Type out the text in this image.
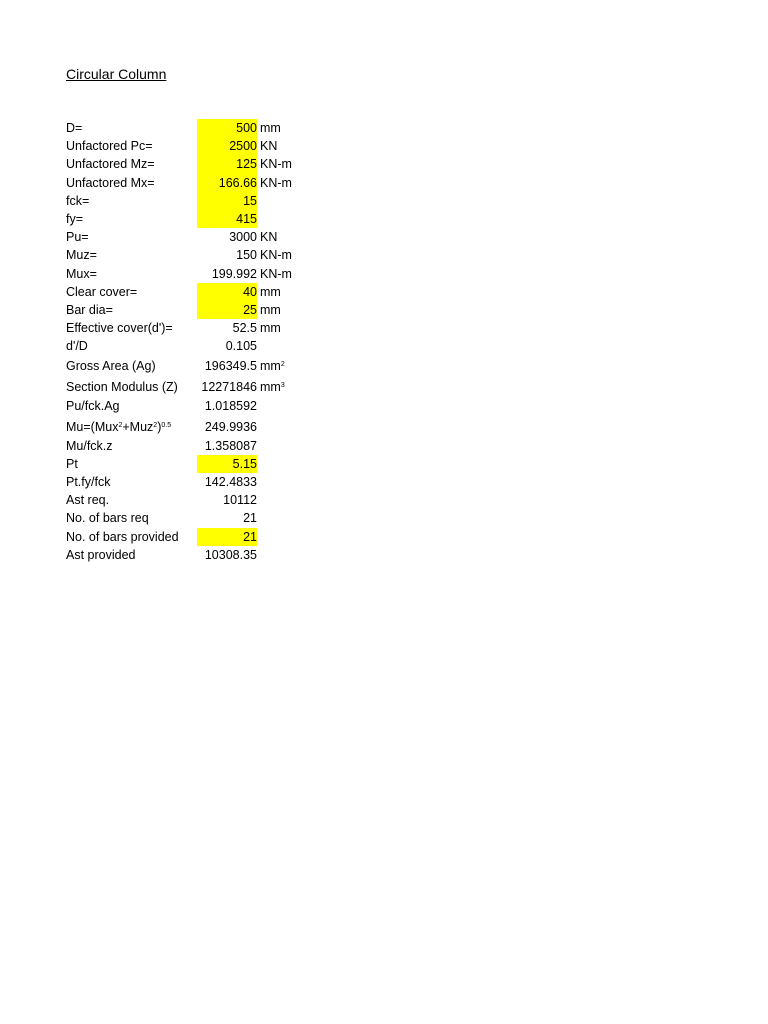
Circular Column
D=	500 mm
Unfactored Pc=	2500 KN
Unfactored Mz=	125 KN-m
Unfactored Mx=	166.66 KN-m
fck=	15
fy=	415
Pu=	3000 KN
Muz=	150 KN-m
Mux=	199.992 KN-m
Clear cover=	40 mm
Bar dia=	25 mm
Effective cover(d')=	52.5 mm
d'/D	0.105
Gross Area (Ag)	196349.5 $mm^2$
Section Modulus (Z)	12271846 $mm^3$
Pu/fck.Ag	1.018592
$Mu=(Mux^2+Muz^2)^{0.5}$	249.9936
Mu/fck.z	1.358087
Pt	5.15
Pt.fy/fck	142.4833
Ast req.	10112
No. of bars req	21
No. of bars provided	21
Ast provided	10308.35
